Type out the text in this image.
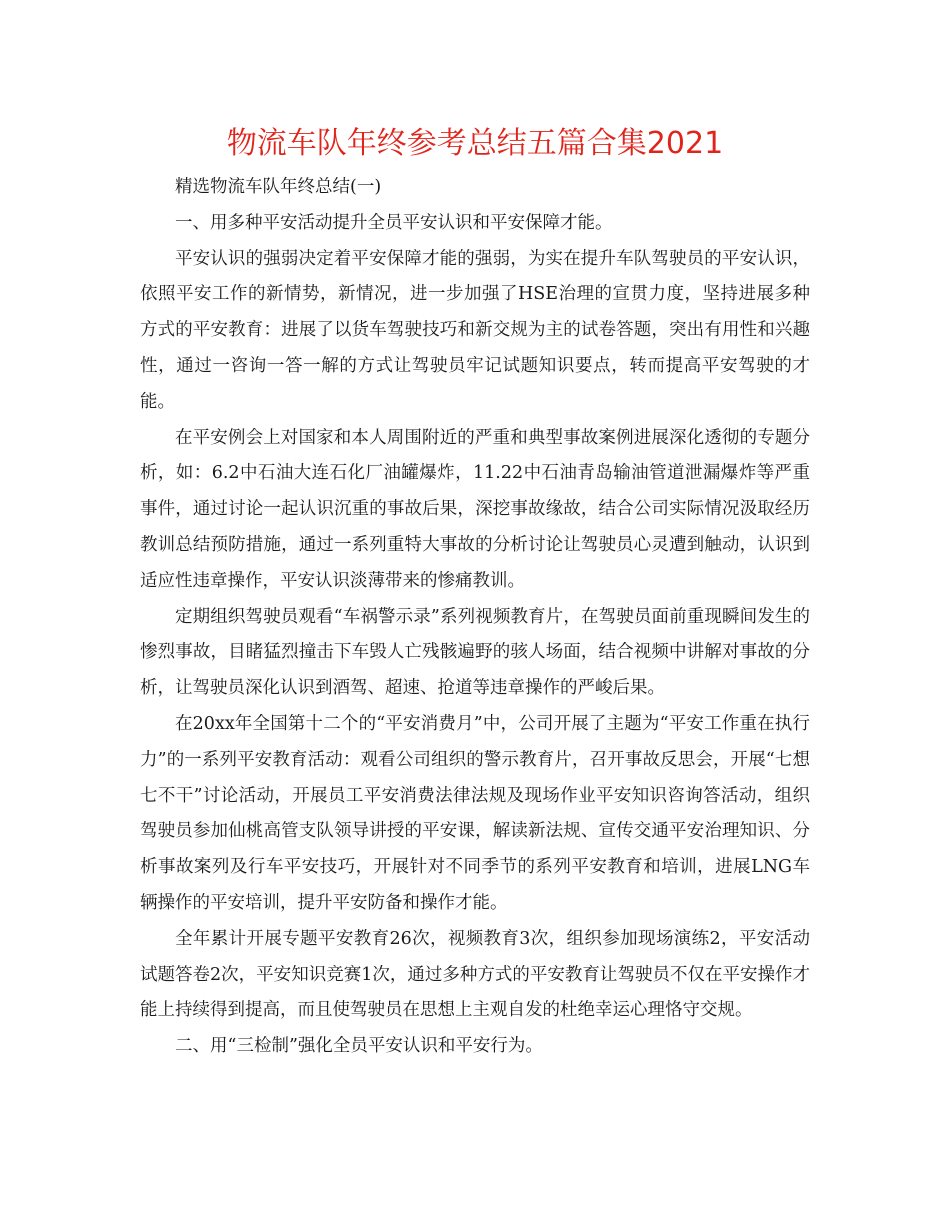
物流车队年终参考总结五篇合集2021

精选物流车队年终总结(一)

一、用多种平安活动提升全员平安认识和平安保障才能。

平安认识的强弱决定着平安保障才能的强弱，为实在提升车队驾驶员的平安认识，依照平安工作的新情势，新情况，进一步加强了HSE治理的宣贯力度，坚持进展多种方式的平安教育：进展了以货车驾驶技巧和新交规为主的试卷答题，突出有用性和兴趣性，通过一咨询一答一解的方式让驾驶员牢记试题知识要点，转而提高平安驾驶的才能。

在平安例会上对国家和本人周围附近的严重和典型事故案例进展深化透彻的专题分析，如：6.2中石油大连石化厂油罐爆炸，11.22中石油青岛输油管道泄漏爆炸等严重事件，通过讨论一起认识沉重的事故后果，深挖事故缘故，结合公司实际情况汲取经历教训总结预防措施，通过一系列重特大事故的分析讨论让驾驶员心灵遭到触动，认识到适应性违章操作，平安认识淡薄带来的惨痛教训。

定期组织驾驶员观看“车祸警示录”系列视频教育片，在驾驶员面前重现瞬间发生的惨烈事故，目睹猛烈撞击下车毁人亡残骸遍野的骇人场面，结合视频中讲解对事故的分析，让驾驶员深化认识到酒驾、超速、抢道等违章操作的严峻后果。

在20xx年全国第十二个的“平安消费月”中，公司开展了主题为“平安工作重在执行力”的一系列平安教育活动：观看公司组织的警示教育片，召开事故反思会，开展“七想七不干”讨论活动，开展员工平安消费法律法规及现场作业平安知识咨询答活动，组织驾驶员参加仙桃高管支队领导讲授的平安课，解读新法规、宣传交通平安治理知识、分析事故案列及行车平安技巧，开展针对不同季节的系列平安教育和培训，进展LNG车辆操作的平安培训，提升平安防备和操作才能。

全年累计开展专题平安教育26次，视频教育3次，组织参加现场演练2，平安活动试题答卷2次，平安知识竞赛1次，通过多种方式的平安教育让驾驶员不仅在平安操作才能上持续得到提高，而且使驾驶员在思想上主观自发的杜绝幸运心理恪守交规。

二、用“三检制”强化全员平安认识和平安行为。
